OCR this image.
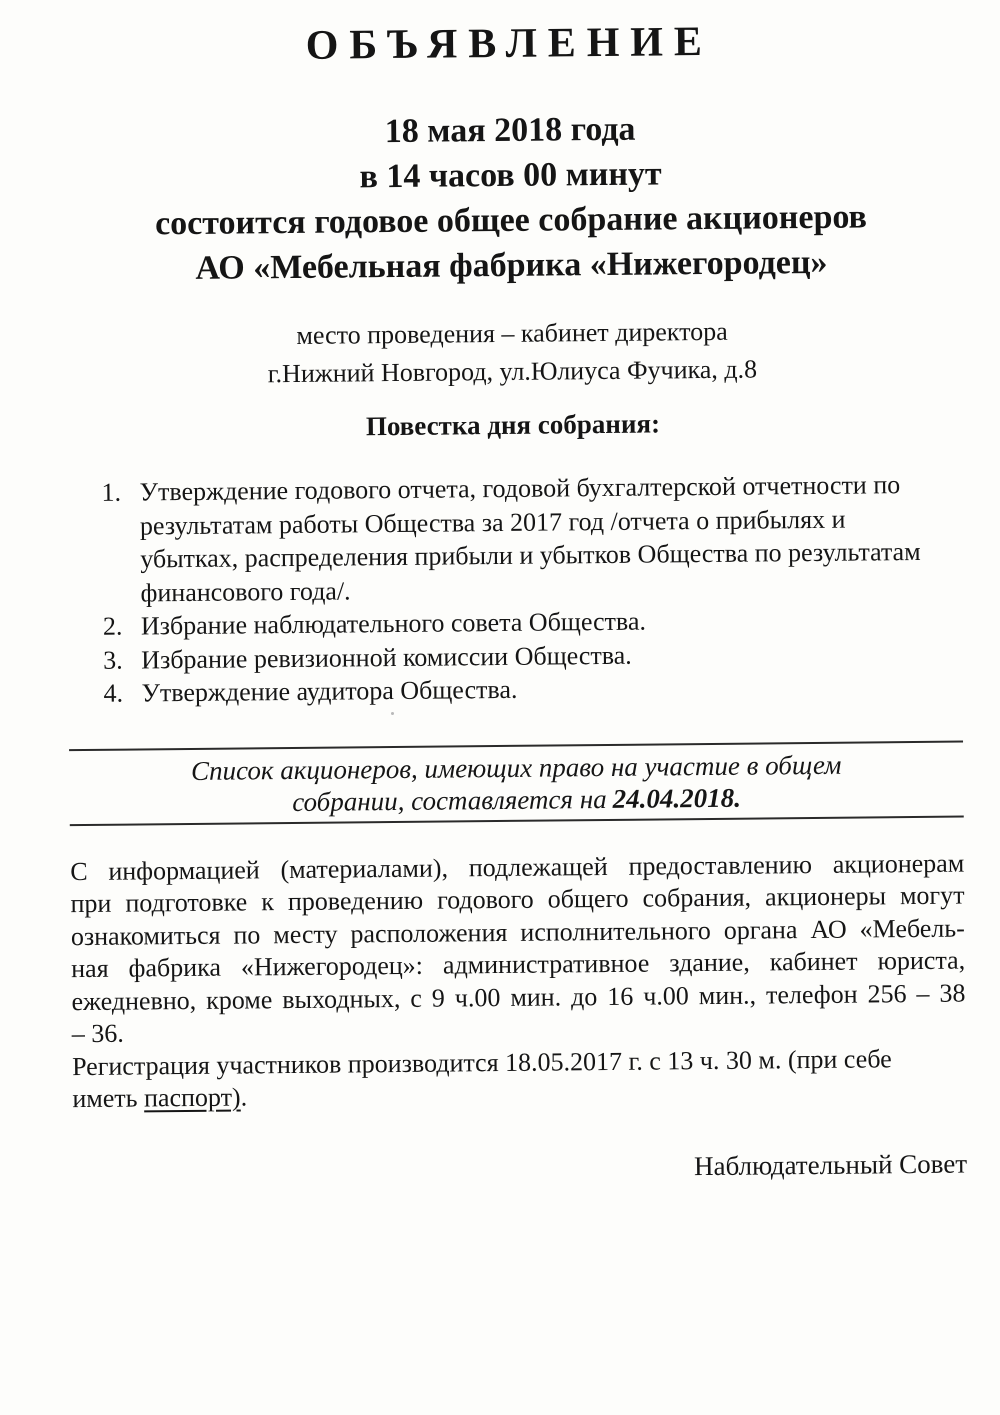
ОБЪЯВЛЕНИЕ
18 мая 2018 года
в 14 часов 00 минут
состоится годовое общее собрание акционеров
АО «Мебельная фабрика «Нижегородец»
место проведения – кабинет директора
г.Нижний Новгород, ул.Юлиуса Фучика, д.8
Повестка дня собрания:
1. Утверждение годового отчета, годовой бухгалтерской отчетности по результатам работы Общества за 2017 год /отчета о прибылях и убытках, распределения прибыли и убытков Общества по результатам финансового года/.
2. Избрание наблюдательного совета Общества.
3. Избрание ревизионной комиссии Общества.
4. Утверждение аудитора Общества.
Список акционеров, имеющих право на участие в общем
собрании, составляется на 24.04.2018.
С информацией (материалами), подлежащей предоставлению акционерам
при подготовке к проведению годового общего собрания, акционеры могут
ознакомиться по месту расположения исполнительного органа АО «Мебель-
ная фабрика «Нижегородец»: административное здание, кабинет юриста,
ежедневно, кроме выходных, с 9 ч.00 мин. до 16 ч.00 мин., телефон 256 – 38
– 36.
Регистрация участников производится 18.05.2017 г. с 13 ч. 30 м. (при себе
иметь паспорт).
Наблюдательный Совет
